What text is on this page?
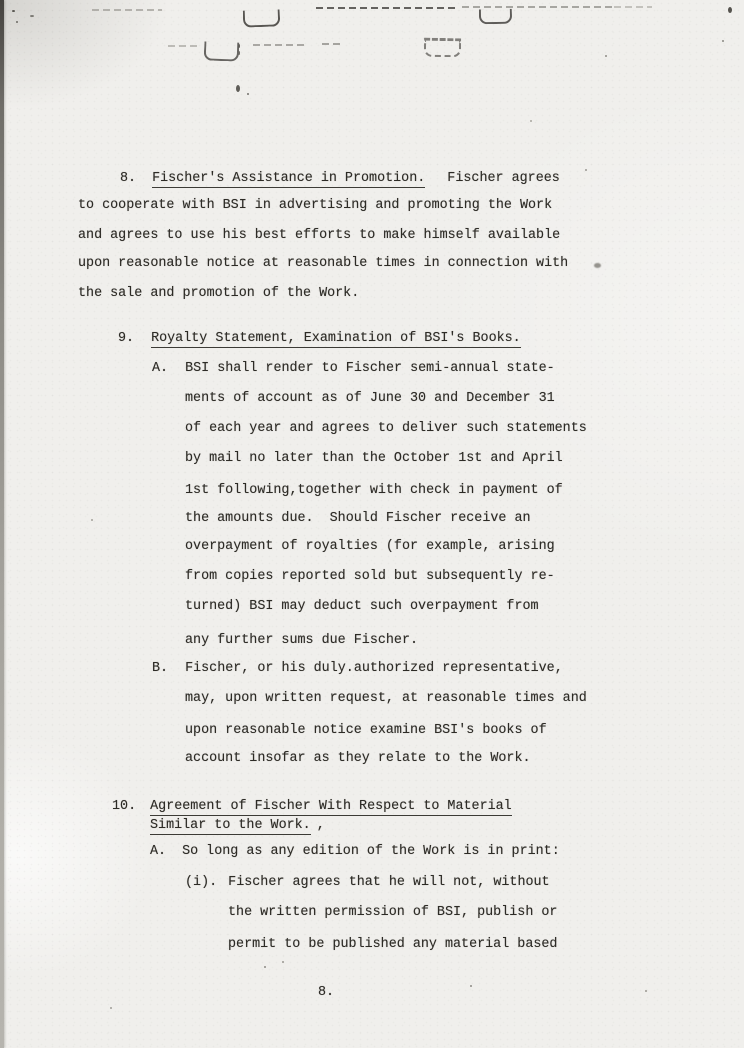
8. Fischer's Assistance in Promotion. Fischer agrees
to cooperate with BSI in advertising and promoting the Work
and agrees to use his best efforts to make himself available
upon reasonable notice at reasonable times in connection with
the sale and promotion of the Work.
9. Royalty Statement, Examination of BSI's Books.
A. BSI shall render to Fischer semi-annual state-
ments of account as of June 30 and December 31
of each year and agrees to deliver such statements
by mail no later than the October 1st and April
1st following,together with check in payment of
the amounts due.  Should Fischer receive an
overpayment of royalties (for example, arising
from copies reported sold but subsequently re-
turned) BSI may deduct such overpayment from
any further sums due Fischer.
B. Fischer, or his duly.authorized representative,
may, upon written request, at reasonable times and
upon reasonable notice examine BSI's books of
account insofar as they relate to the Work.
10. Agreement of Fischer With Respect to Material
Similar to the Work. ,
A. So long as any edition of the Work is in print:
(i). Fischer agrees that he will not, without
the written permission of BSI, publish or
permit to be published any material based
8.
